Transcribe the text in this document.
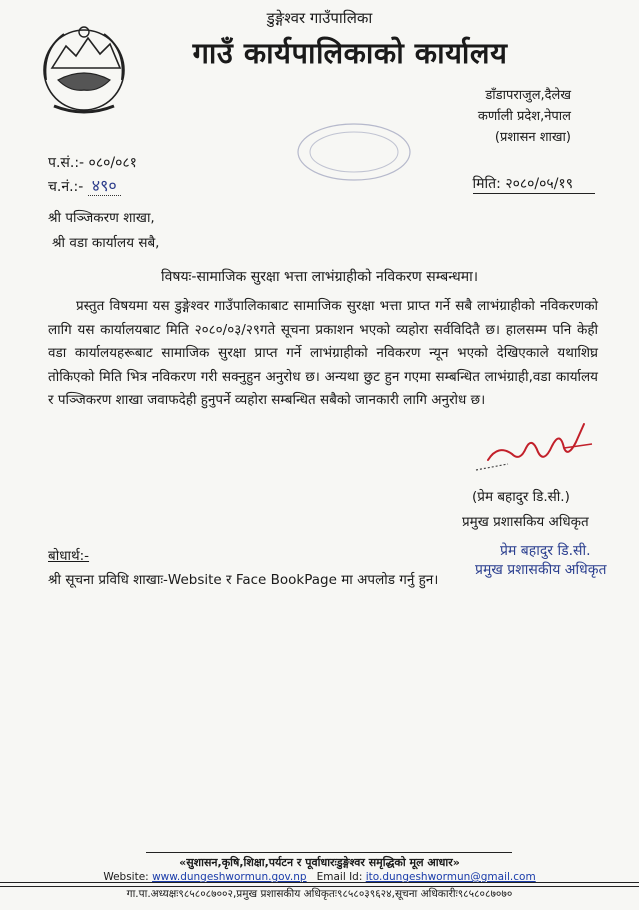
डुङ्गेश्वर गाउँपालिका
गाउँ कार्यपालिकाको कार्यालय
डाँडापराजुल,दैलेख
कर्णाली प्रदेश,नेपाल
(प्रशासन शाखा)
प.सं.:- ०८०/०८१
च.नं.:- ४९०	मिति: २०८०/०५/१९
श्री पञ्जिकरण शाखा,
श्री वडा कार्यालय सबै,
विषयः-सामाजिक सुरक्षा भत्ता लाभंग्राहीको नविकरण सम्बन्धमा।

प्रस्तुत विषयमा यस डुङ्गेश्वर गाउँपालिकाबाट सामाजिक सुरक्षा भत्ता प्राप्त गर्ने सबै लाभंग्राहीको नविकरणको लागि यस कार्यालयबाट मिति २०८०/०३/२९गते सूचना प्रकाशन भएको व्यहोरा सर्वविदितै छ। हालसम्म पनि केही वडा कार्यालयहरूबाट सामाजिक सुरक्षा प्राप्त गर्ने लाभंग्राहीको नविकरण न्यून भएको देखिएकाले यथाशिघ्र तोकिएको मिति भित्र नविकरण गरी सक्नुहुन अनुरोध छ। अन्यथा छुट हुन गएमा सम्बन्धित लाभंग्राही,वडा कार्यालय र पञ्जिकरण शाखा जवाफदेही हुनुपर्ने व्यहोरा सम्बन्धित सबैको जानकारी लागि अनुरोध छ।

(प्रेम बहादुर डि.सी.)
प्रमुख प्रशासकिय अधिकृत
प्रेम बहादुर डि.सी.
प्रमुख प्रशासकीय अधिकृत
बोधार्थ:-
श्री सूचना प्रविधि शाखाः-Website र Face BookPage मा अपलोड गर्नु हुन।
«सुशासन,कृषि,शिक्षा,पर्यटन र पूर्वाधारःडुङ्गेश्वर समृद्धिको मूल आधार»
Website: www.dungeshwormun.gov.np Email Id: ito.dungeshwormun@gmail.com
गा.पा.अध्यक्षः९८५८०८७००२,प्रमुख प्रशासकीय अधिकृतः९८५८०३९६२४,सूचना अधिकारीः९८५८०८७०७०
